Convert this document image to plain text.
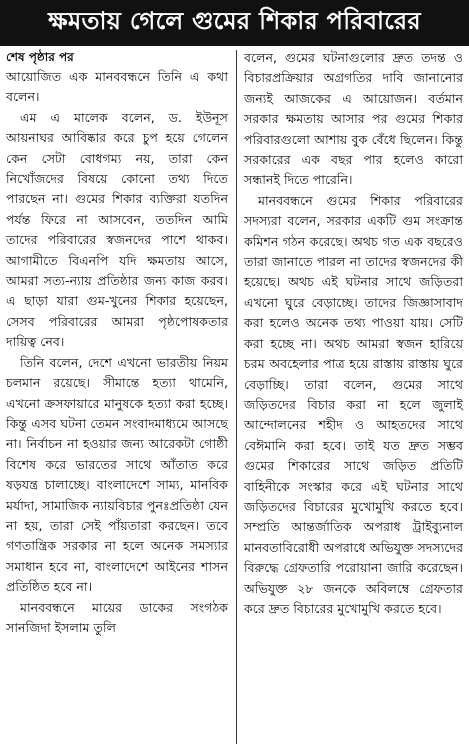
ক্ষমতায় গেলে গুমের শিকার পরিবারের

শেষ পৃষ্ঠার পর

আয়োজিত এক মানববন্ধনে তিনি এ কথা বলেন।

এম এ মালেক বলেন, ড. ইউনূস আয়নাঘর আবিষ্কার করে চুপ হয়ে গেলেন কেন সেটা বোধগম্য নয়, তারা কেন নিখোঁজদের বিষয়ে কোনো তথ্য দিতে পারছেন না। গুমের শিকার ব্যক্তিরা যতদিন পর্যন্ত ফিরে না আসবেন, ততদিন আমি তাদের পরিবারের স্বজনদের পাশে থাকব। আগামীতে বিএনপি যদি ক্ষমতায় আসে, আমরা সত্য-ন্যায় প্রতিষ্ঠার জন্য কাজ করব। এ ছাড়া যারা গুম-খুনের শিকার হয়েছেন, সেসব পরিবারের আমরা পৃষ্ঠপোষকতার দায়িত্ব নেব।

তিনি বলেন, দেশে এখনো ভারতীয় নিয়ম চলমান রয়েছে। সীমান্তে হত্যা থামেনি, এখনো ক্রসফায়ারে মানুষকে হত্যা করা হচ্ছে। কিন্তু এসব ঘটনা তেমন সংবাদমাধ্যমে আসছে না। নির্বাচন না হওয়ার জন্য আরেকটা গোষ্ঠী বিশেষ করে ভারতের সাথে আঁতাত করে ষড়যন্ত্র চালাচ্ছে। বাংলাদেশে সাম্য, মানবিক মর্যাদা, সামাজিক ন্যায়বিচার পুনঃপ্রতিষ্ঠা যেন না হয়, তারা সেই পাঁয়তারা করছেন। তবে গণতান্ত্রিক সরকার না হলে অনেক সমস্যার সমাধান হবে না, বাংলাদেশে আইনের শাসন প্রতিষ্ঠিত হবে না।

মানববন্ধনে মায়ের ডাকের সংগঠক সানজিদা ইসলাম তুলি

বলেন, গুমের ঘটনাগুলোর দ্রুত তদন্ত ও বিচারপ্রক্রিয়ার অগ্রগতির দাবি জানানোর জন্যই আজকের এ আয়োজন। বর্তমান সরকার ক্ষমতায় আসার পর গুমের শিকার পরিবারগুলো আশায় বুক বেঁধে ছিলেন। কিন্তু সরকারের এক বছর পার হলেও কারো সন্ধানই দিতে পারেনি।

মানববন্ধনে গুমের শিকার পরিবারের সদস্যরা বলেন, সরকার একটি গুম সংক্রান্ত কমিশন গঠন করেছে। অথচ গত এক বছরেও তারা জানাতে পারল না তাদের স্বজনদের কী হয়েছে। অথচ এই ঘটনার সাথে জড়িতরা এখনো ঘুরে বেড়াচ্ছে। তাদের জিজ্ঞাসাবাদ করা হলেও অনেক তথ্য পাওয়া যায়। সেটি করা হচ্ছে না। অথচ আমরা স্বজন হারিয়ে চরম অবহেলার পাত্র হয়ে রাস্তায় রাস্তায় ঘুরে বেড়াচ্ছি। তারা বলেন, গুমের সাথে জড়িতদের বিচার করা না হলে জুলাই আন্দোলনের শহীদ ও আহতদের সাথে বেঈমানি করা হবে। তাই যত দ্রুত সম্ভব গুমের শিকারের সাথে জড়িত প্রতিটি বাহিনীকে সংস্কার করে এই ঘটনার সাথে জড়িতদের বিচারের মুখোমুখি করতে হবে। সম্প্রতি আন্তর্জাতিক অপরাধ ট্রাইব্যুনাল মানবতাবিরোধী অপরাধে অভিযুক্ত সদস্যদের বিরুদ্ধে গ্রেফতারি পরোয়ানা জারি করেছেন। অভিযুক্ত ২৮ জনকে অবিলম্বে গ্রেফতার করে দ্রুত বিচারের মুখোমুখি করতে হবে।
